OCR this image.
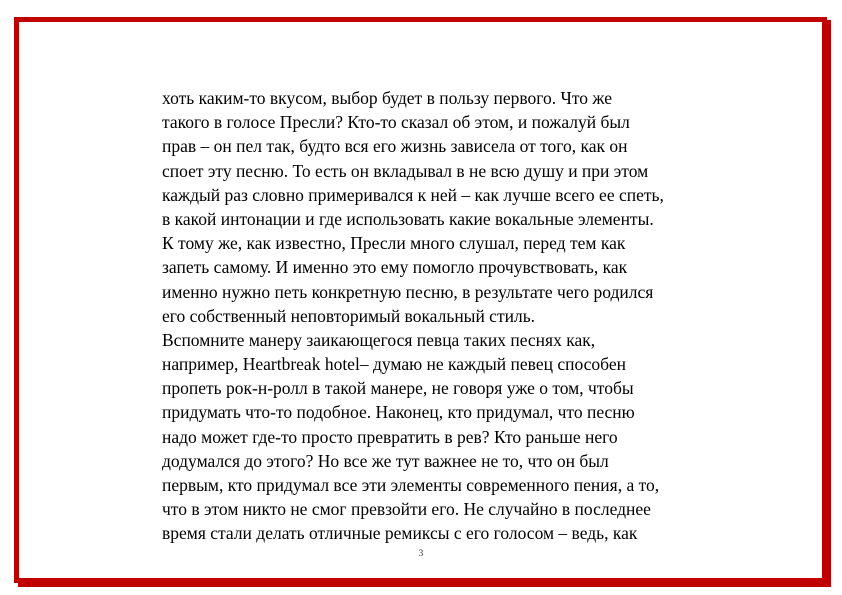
хоть каким-то вкусом, выбор будет в пользу первого. Что же
такого в голосе Пресли? Кто-то сказал об этом, и пожалуй был
прав – он пел так, будто вся его жизнь зависела от того, как он
споет эту песню. То есть он вкладывал в не всю душу и при этом
каждый раз словно примеривался к ней – как лучше всего ее спеть,
в какой интонации и где использовать какие вокальные элементы.
К тому же, как известно, Пресли много слушал, перед тем как
запеть самому. И именно это ему помогло прочувствовать, как
именно нужно петь конкретную песню, в результате чего родился
его собственный неповторимый вокальный стиль.
Вспомните манеру заикающегося певца таких песнях как,
например, Heartbreak hotel– думаю не каждый певец способен
пропеть рок-н-ролл в такой манере, не говоря уже о том, чтобы
придумать что-то подобное. Наконец, кто придумал, что песню
надо может где-то просто превратить в рев? Кто раньше него
додумался до этого? Но все же тут важнее не то, что он был
первым, кто придумал все эти элементы современного пения, а то,
что в этом никто не смог превзойти его. Не случайно в последнее
время стали делать отличные ремиксы с его голосом – ведь, как

3
